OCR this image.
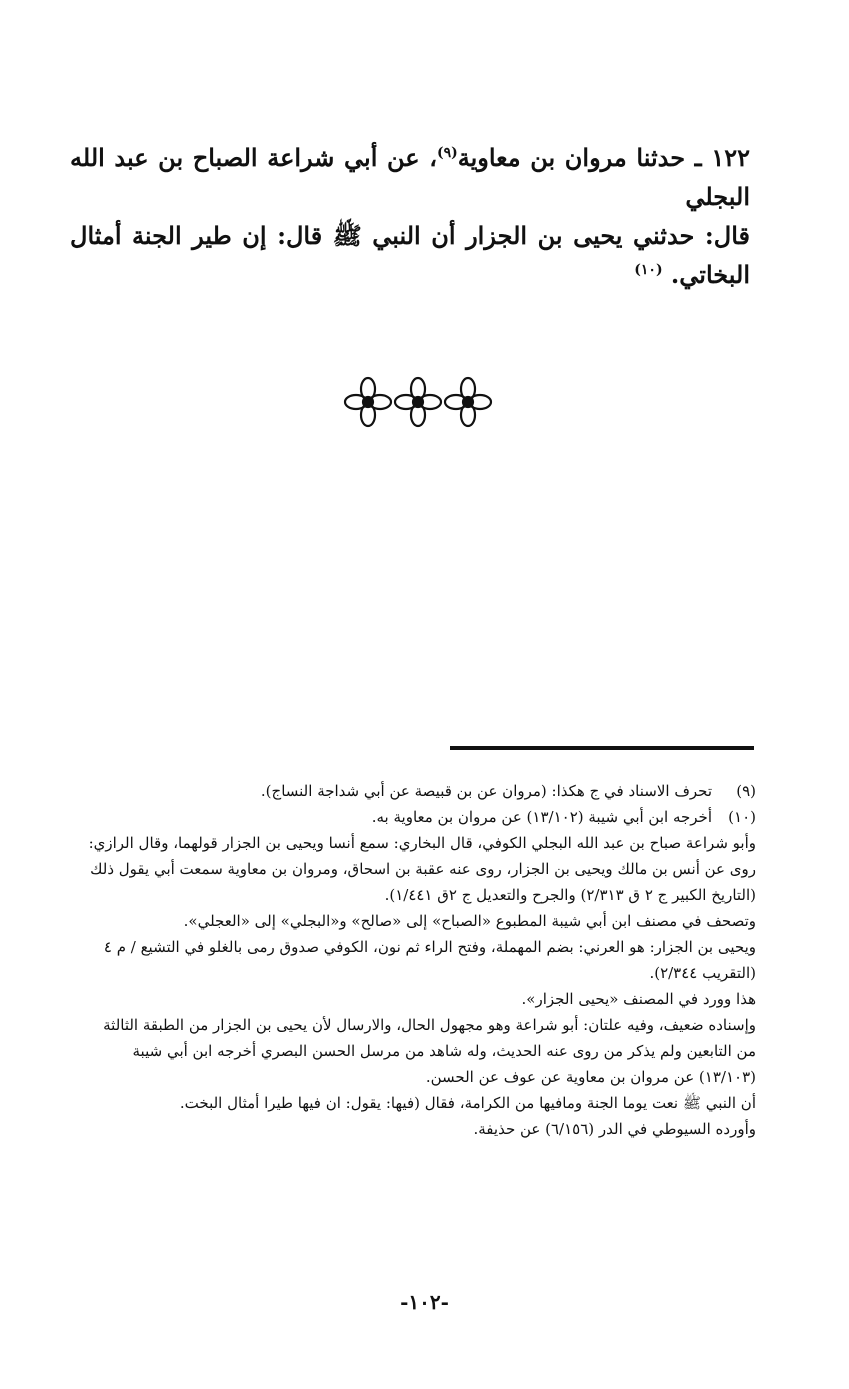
١٢٢ ـ حدثنا مروان بن معاوية$^{(٩)}$، عن أبي شراعة الصباح بن عبد الله البجلي

قال: حدثني يحيى بن الجزار أن النبي ﷺ قال: إن طير الجنة أمثال البخاتي. $^{(١٠)}$

(٩)
تحرف الاسناد في ج هكذا: (مروان عن بن قبيصة عن أبي شداجة النساج).
(١٠)
أخرجه ابن أبي شيبة (١٣/١٠٢) عن مروان بن معاوية به.

وأبو شراعة صباح بن عبد الله البجلي الكوفي، قال البخاري: سمع أنسا ويحيى بن الجزار قولهما، وقال الرازي: روى عن أنس بن مالك ويحيى بن الجزار، روى عنه عقبة بن اسحاق، ومروان بن معاوية سمعت أبي يقول ذلك (التاريخ الكبير ج ٢ ق ٢/٣١٣) والجرح والتعديل ج ٢ق ١/٤٤١).

وتصحف في مصنف ابن أبي شيبة المطبوع «الصباح» إلى «صالح» و«البجلي» إلى «العجلي».

ويحيى بن الجزار: هو العرني: بضم المهملة، وفتح الراء ثم نون، الكوفي صدوق رمى بالغلو في التشيع / م ٤ (التقريب ٢/٣٤٤).

هذا وورد في المصنف «يحيى الجزار».

وإسناده ضعيف، وفيه علتان: أبو شراعة وهو مجهول الحال، والارسال لأن يحيى بن الجزار من الطبقة الثالثة من التابعين ولم يذكر من روى عنه الحديث، وله شاهد من مرسل الحسن البصري أخرجه ابن أبي شيبة (١٣/١٠٣) عن مروان بن معاوية عن عوف عن الحسن.

أن النبي ﷺ نعت يوما الجنة ومافيها من الكرامة، فقال (فيها: يقول: ان فيها طيرا أمثال البخت.

وأورده السيوطي في الدر (٦/١٥٦) عن حذيفة.

-١٠٢-
